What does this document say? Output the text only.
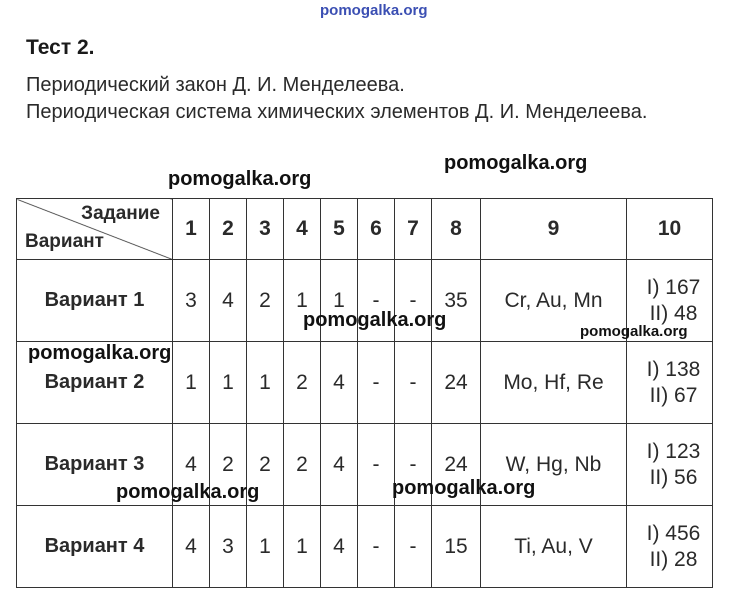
pomogalka.org
Тест 2.
Периодический закон Д. И. Менделеева.
Периодическая система химических элементов Д. И. Менделеева.
Задание
Вариант	1	2	3	4	5	6	7	8	9	10
Вариант 1	3	4	2	1	1	-	-	35	Cr, Au, Mn	I) 167
II) 48

Вариант 2	1	1	1	2	4	-	-	24	Mo, Hf, Re	I) 138
II) 67

Вариант 3	4	2	2	2	4	-	-	24	W, Hg, Nb	I) 123
II) 56

Вариант 4	4	3	1	1	4	-	-	15	Ti, Au, V	I) 456
II) 28
pomogalka.org
pomogalka.org
pomogalka.org
pomogalka.org
pomogalka.org
pomogalka.org	pomogalka.org
